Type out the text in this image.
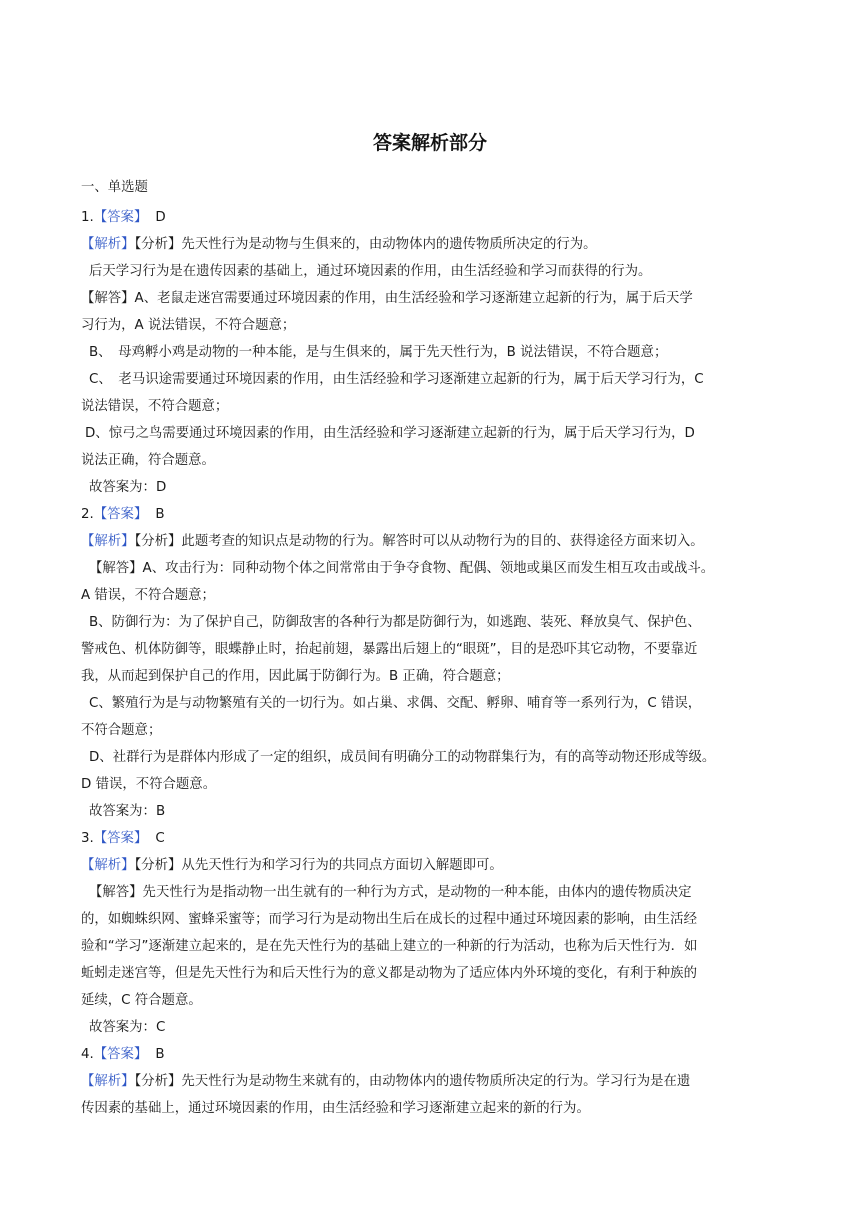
答案解析部分
一、单选题
1.【答案】 D
【解析】【分析】先天性行为是动物与生俱来的，由动物体内的遗传物质所决定的行为。
后天学习行为是在遗传因素的基础上，通过环境因素的作用，由生活经验和学习而获得的行为。
【解答】A、老鼠走迷宫需要通过环境因素的作用，由生活经验和学习逐渐建立起新的行为，属于后天学
习行为，A 说法错误，不符合题意；
B、　母鸡孵小鸡是动物的一种本能，是与生俱来的，属于先天性行为，B 说法错误，不符合题意；
C、　老马识途需要通过环境因素的作用，由生活经验和学习逐渐建立起新的行为，属于后天学习行为，C
说法错误，不符合题意；
D、惊弓之鸟需要通过环境因素的作用，由生活经验和学习逐渐建立起新的行为，属于后天学习行为，D
说法正确，符合题意。
故答案为：D
2.【答案】 B
【解析】【分析】此题考查的知识点是动物的行为。解答时可以从动物行为的目的、获得途径方面来切入。
【解答】A、攻击行为：同种动物个体之间常常由于争夺食物、配偶、领地或巢区而发生相互攻击或战斗。
A 错误，不符合题意；
B、防御行为：为了保护自己，防御敌害的各种行为都是防御行为，如逃跑、装死、释放臭气、保护色、
警戒色、机体防御等，眼蝶静止时，抬起前翅，暴露出后翅上的“眼斑”，目的是恐吓其它动物，不要靠近
我，从而起到保护自己的作用，因此属于防御行为。B 正确，符合题意；
C、繁殖行为是与动物繁殖有关的一切行为。如占巢、求偶、交配、孵卵、哺育等一系列行为，C 错误，
不符合题意；
D、社群行为是群体内形成了一定的组织，成员间有明确分工的动物群集行为，有的高等动物还形成等级。
D 错误，不符合题意。
故答案为：B
3.【答案】 C
【解析】【分析】从先天性行为和学习行为的共同点方面切入解题即可。
【解答】先天性行为是指动物一出生就有的一种行为方式，是动物的一种本能，由体内的遗传物质决定
的，如蜘蛛织网、蜜蜂采蜜等；而学习行为是动物出生后在成长的过程中通过环境因素的影响，由生活经
验和“学习”逐渐建立起来的，是在先天性行为的基础上建立的一种新的行为活动，也称为后天性行为．如
蚯蚓走迷宫等，但是先天性行为和后天性行为的意义都是动物为了适应体内外环境的变化，有利于种族的
延续，C 符合题意。
故答案为：C
4.【答案】 B
【解析】【分析】先天性行为是动物生来就有的，由动物体内的遗传物质所决定的行为。学习行为是在遗
传因素的基础上，通过环境因素的作用，由生活经验和学习逐渐建立起来的新的行为。
